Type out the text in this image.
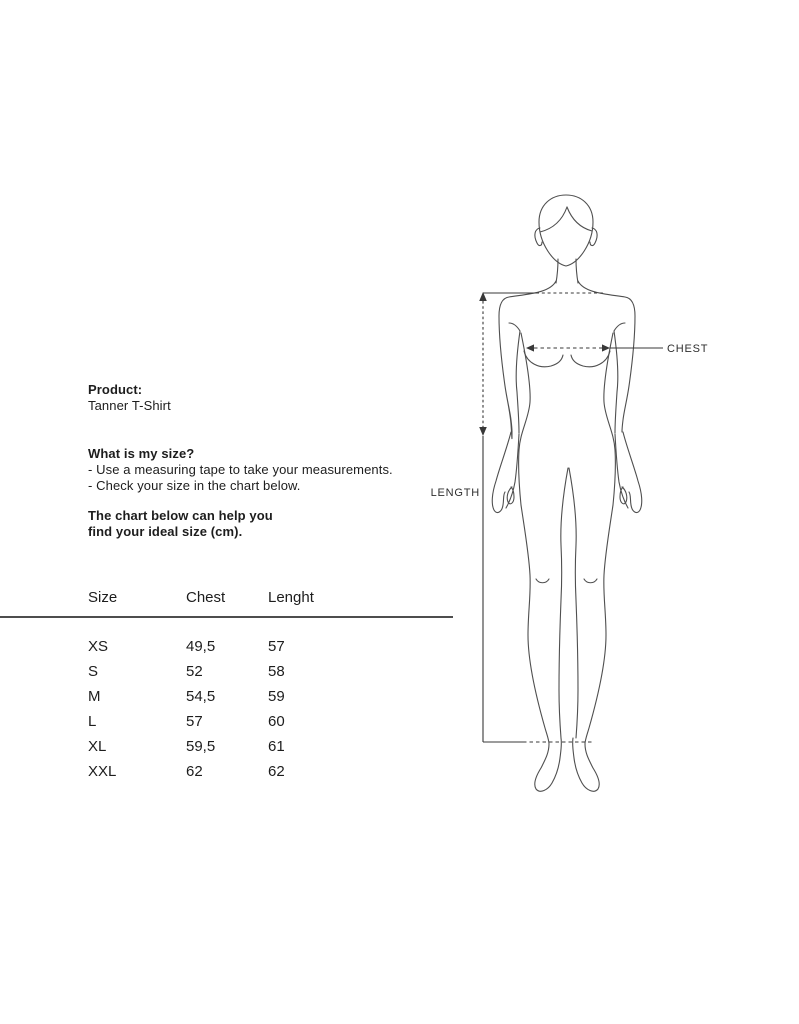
Product:

Tanner T-Shirt

What is my size?

- Use a measuring tape to take your measurements.

- Check your size in the chart below.

The chart below can help you

find your ideal size (cm).

Size	Chest	Lenght
XS	49,5	57
S	52	58
M	54,5	59
L	57	60
XL	59,5	61
XXL	62	62
CHEST
LENGTH
